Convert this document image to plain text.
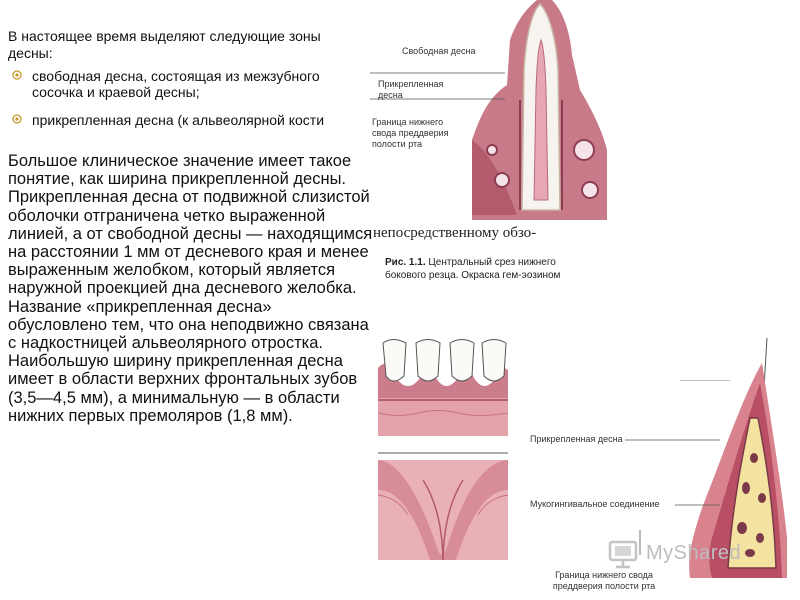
В настоящее время выделяют следующие зоны десны:
свободная десна, состоящая из межзубного сосочка и краевой десны;
прикрепленная десна (к альвеолярной кости
Большое клиническое значение имеет такое понятие, как ширина прикрепленной десны. Прикрепленная десна от подвижной слизистой оболочки отграничена четко выраженной линией, а от свободной десны — находящимся на расстоянии 1 мм от десневого края и менее выраженным желобком, который является наружной проекцией дна десневого желобка. Название «прикрепленная десна» обусловлено тем, что она неподвижно связана с надкостницей альвеолярного отростка. Наибольшую ширину прикрепленная десна имеет в области верхних фронтальных зубов (3,5—4,5 мм), а минимальную — в области нижних первых премоляров (1,8 мм).
Свободная десна
Прикрепленная десна
Граница нижнего свода преддверия полости рта
непосредственному обзо-
Рис. 1.1. Центральный срез нижнего бокового резца. Окраска гем-эозином
Прикрепленная десна
Мукогингивальное соединение
Граница нижнего свода преддверия полости рта
MyShared
